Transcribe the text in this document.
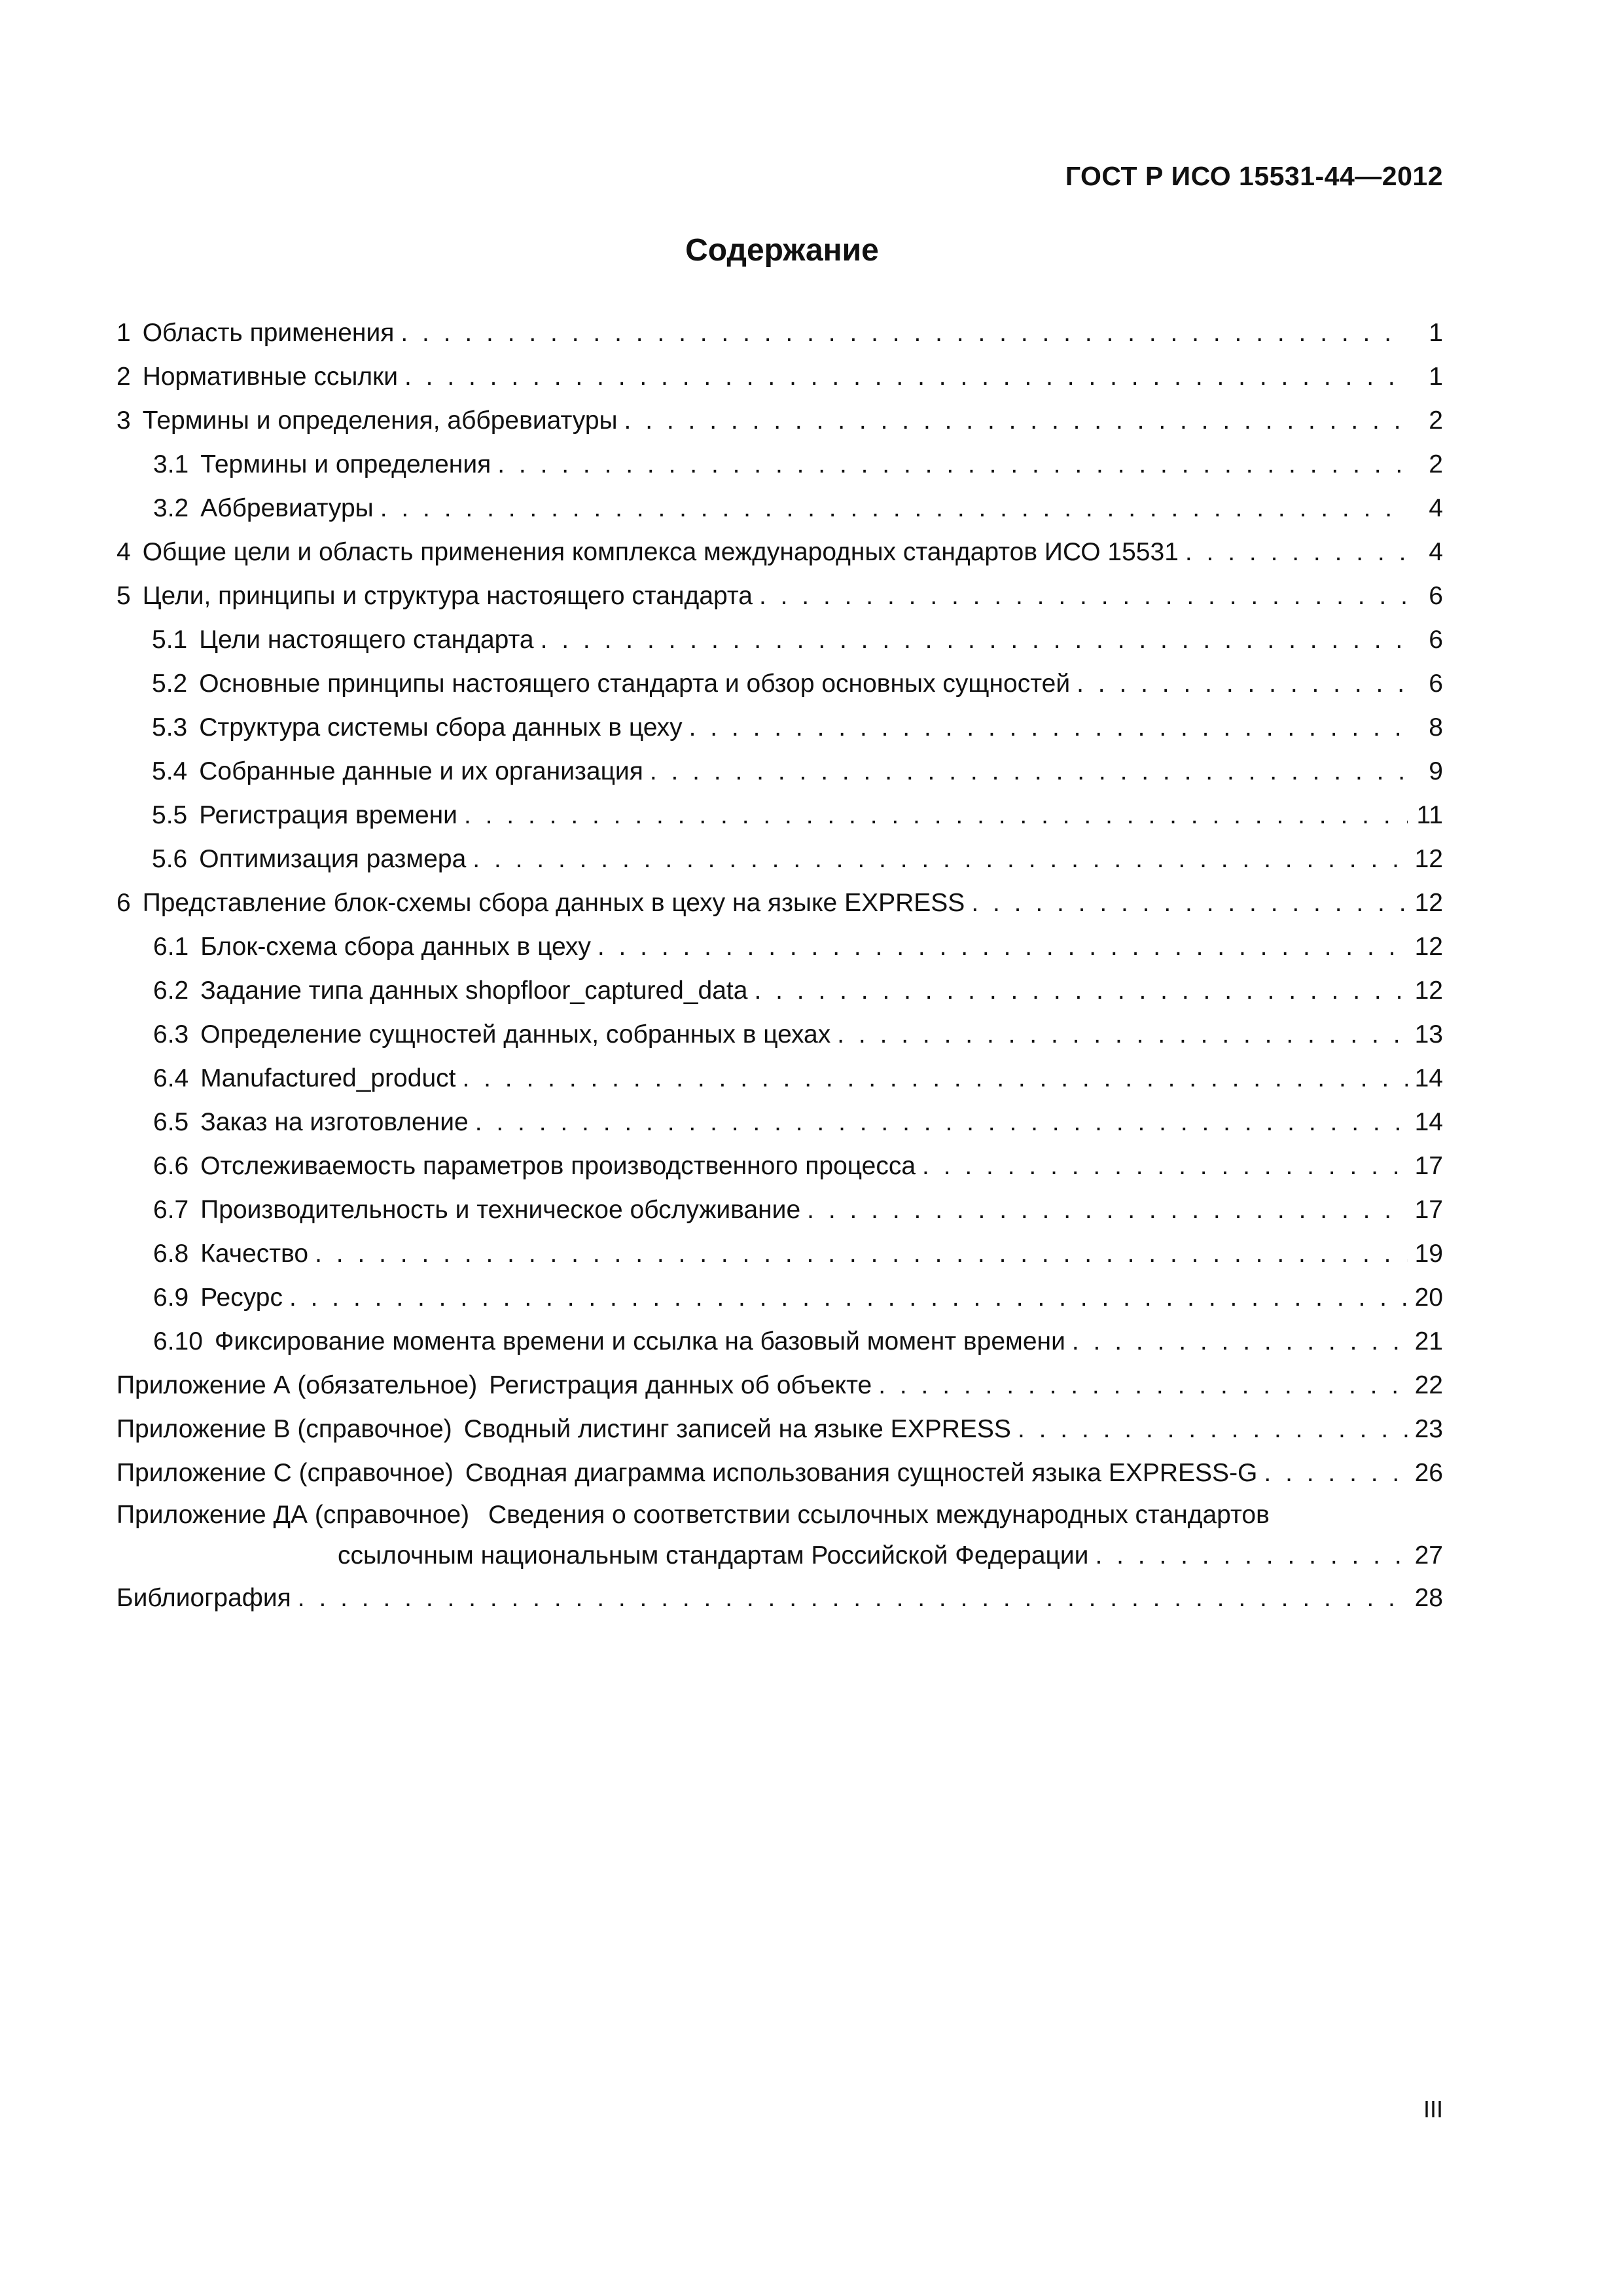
ГОСТ Р ИСО 15531-44—2012
Содержание
1 Область применения . . .	1
2 Нормативные ссылки . . .	1
3 Термины и определения, аббревиатуры . . .	2
3.1 Термины и определения . . .	2
3.2 Аббревиатуры . . .	4
4 Общие цели и область применения комплекса международных стандартов ИСО 15531 . . .	4
5 Цели, принципы и структура настоящего стандарта . . .	6
5.1 Цели настоящего стандарта . . .	6
5.2 Основные принципы настоящего стандарта и обзор основных сущностей . . .	6
5.3 Структура системы сбора данных в цеху . . .	8
5.4 Собранные данные и их организация . . .	9
5.5 Регистрация времени . . .	11
5.6 Оптимизация размера . . .	12
6 Представление блок-схемы сбора данных в цеху на языке EXPRESS . . .	12
6.1 Блок-схема сбора данных в цеху . . .	12
6.2 Задание типа данных shopfloor_captured_data . . .	12
6.3 Определение сущностей данных, собранных в цехах . . .	13
6.4 Manufactured_product . . .	14
6.5 Заказ на изготовление . . .	14
6.6 Отслеживаемость параметров производственного процесса . . .	17
6.7 Производительность и техническое обслуживание . . .	17
6.8 Качество . . .	19
6.9 Ресурс . . .	20
6.10 Фиксирование момента времени и ссылка на базовый момент времени . . .	21
Приложение А (обязательное) Регистрация данных об объекте . . .	22
Приложение В (справочное) Сводный листинг записей на языке EXPRESS . . .	23
Приложение С (справочное) Сводная диаграмма использования сущностей языка EXPRESS-G . . .	26
Приложение ДА (справочное) Сведения о соответствии ссылочных международных стандартов
ссылочным национальным стандартам Российской Федерации . . .	27
Библиография . . .	28
III
